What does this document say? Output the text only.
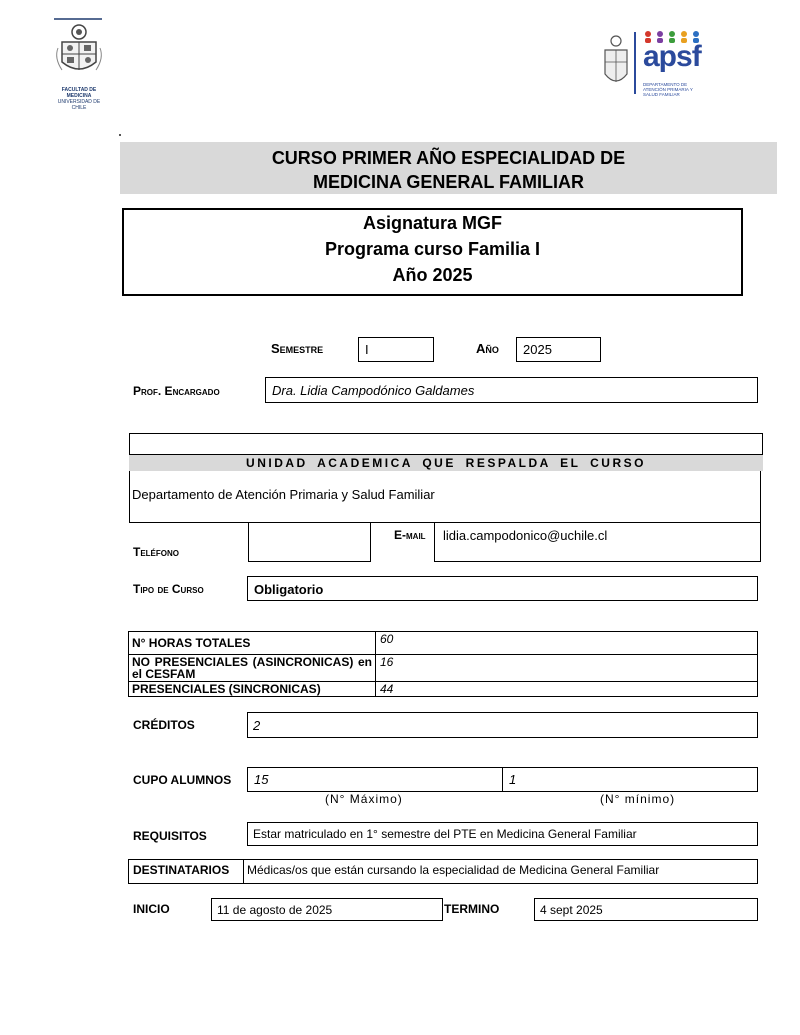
FACULTAD DE MEDICINA
UNIVERSIDAD DE CHILE
apsf
DEPARTAMENTO DE ATENCIÓN PRIMARIA Y SALUD FAMILIAR
CURSO PRIMER AÑO ESPECIALIDAD DE
MEDICINA GENERAL FAMILIAR
Asignatura MGF
Programa curso Familia I
Año 2025
Semestre	I	Año	2025
Prof. Encargado	Dra. Lidia Campodónico Galdames
UNIDAD ACADEMICA QUE RESPALDA EL CURSO
Departamento de Atención Primaria y Salud Familiar
Teléfono
E-mail	lidia.campodonico@uchile.cl
Tipo de Curso	Obligatorio
N° HORAS TOTALES	60
NO PRESENCIALES (ASINCRONICAS) en el CESFAM	16
PRESENCIALES (SINCRONICAS)	44
CRÉDITOS	2
CUPO ALUMNOS	15	1
(N° Máximo)	(N° mínimo)
REQUISITOS	Estar matriculado en 1° semestre del PTE en Medicina General Familiar
DESTINATARIOS	Médicas/os que están cursando la especialidad de Medicina General Familiar
INICIO	11 de agosto de 2025	TERMINO	4 sept 2025
